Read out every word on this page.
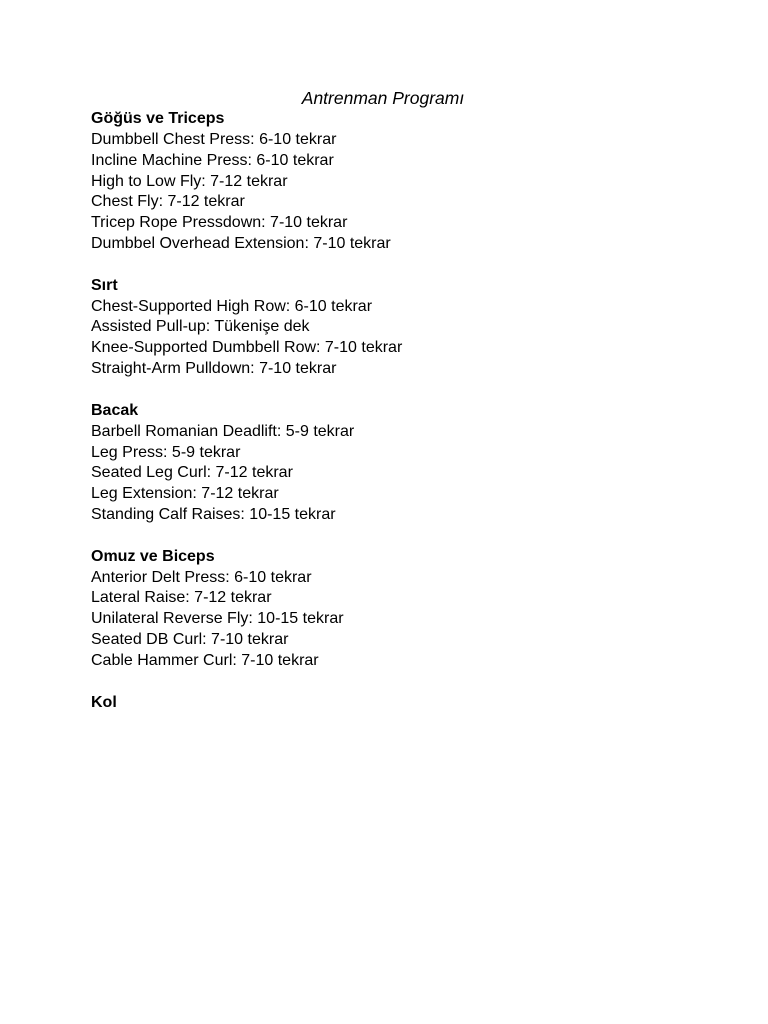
Antrenman Programı

Göğüs ve Triceps

Dumbbell Chest Press: 6-10 tekrar
Incline Machine Press: 6-10 tekrar
High to Low Fly: 7-12 tekrar
Chest Fly: 7-12 tekrar
Tricep Rope Pressdown: 7-10 tekrar
Dumbbel Overhead Extension: 7-10 tekrar

Sırt

Chest-Supported High Row: 6-10 tekrar
Assisted Pull-up: Tükenişe dek
Knee-Supported Dumbbell Row: 7-10 tekrar
Straight-Arm Pulldown: 7-10 tekrar

Bacak

Barbell Romanian Deadlift: 5-9 tekrar
Leg Press: 5-9 tekrar
Seated Leg Curl: 7-12 tekrar
Leg Extension: 7-12 tekrar
Standing Calf Raises: 10-15 tekrar

Omuz ve Biceps

Anterior Delt Press: 6-10 tekrar
Lateral Raise: 7-12 tekrar
Unilateral Reverse Fly: 10-15 tekrar
Seated DB Curl: 7-10 tekrar
Cable Hammer Curl: 7-10 tekrar

Kol
